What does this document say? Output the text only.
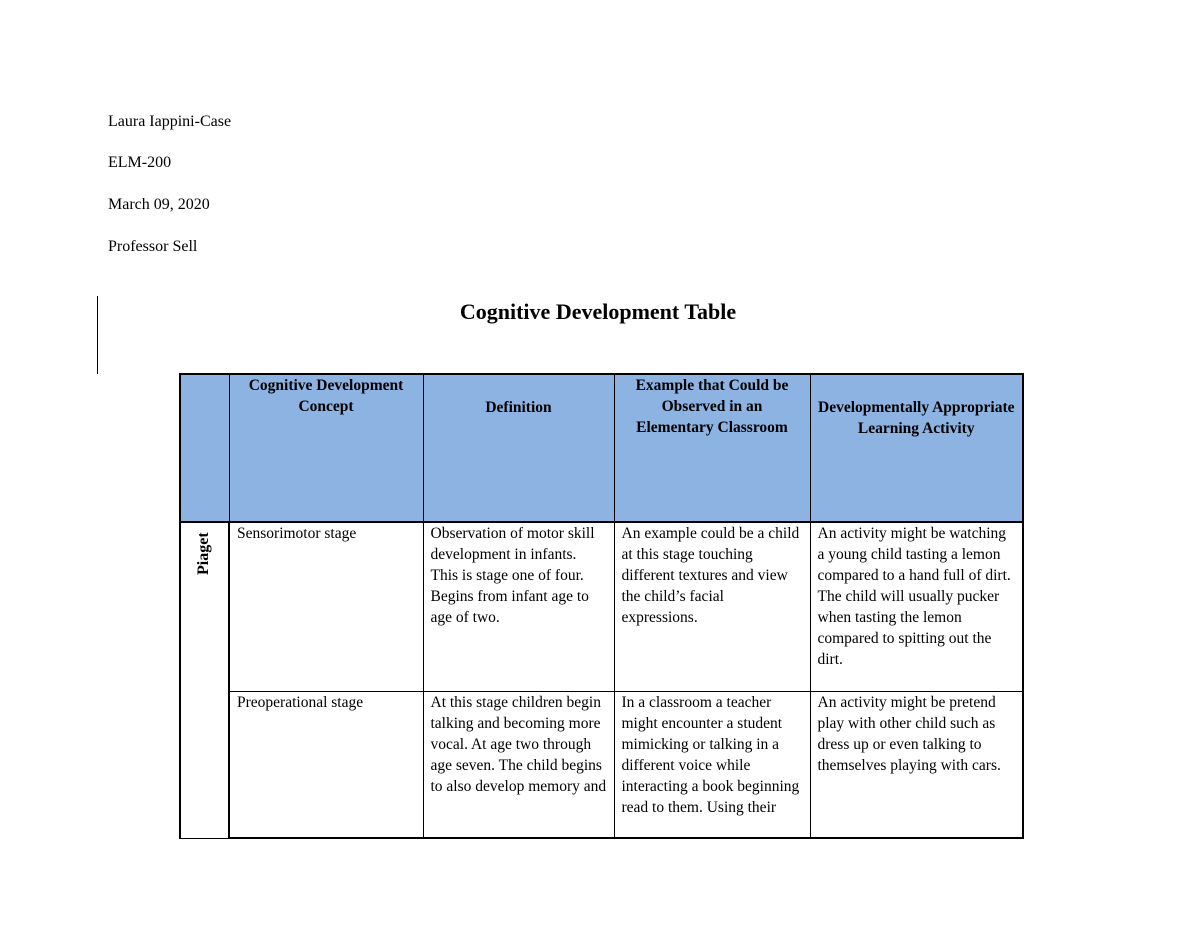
Laura Iappini-Case
ELM-200
March 09, 2020
Professor Sell
Cognitive Development Table
	Cognitive Development Concept	Definition	Example that Could be Observed in an Elementary Classroom	Developmentally Appropriate Learning Activity

Piaget	Sensorimotor stage	Observation of motor skill development in infants. This is stage one of four. Begins from infant age to age of two.	An example could be a child at this stage touching different textures and view the child’s facial expressions.	An activity might be watching a young child tasting a lemon compared to a hand full of dirt. The child will usually pucker when tasting the lemon compared to spitting out the dirt.
	Preoperational stage	At this stage children begin talking and becoming more vocal. At age two through age seven. The child begins to also develop memory and	In a classroom a teacher might encounter a student mimicking or talking in a different voice while interacting a book beginning read to them. Using their	An activity might be pretend play with other child such as dress up or even talking to themselves playing with cars.
